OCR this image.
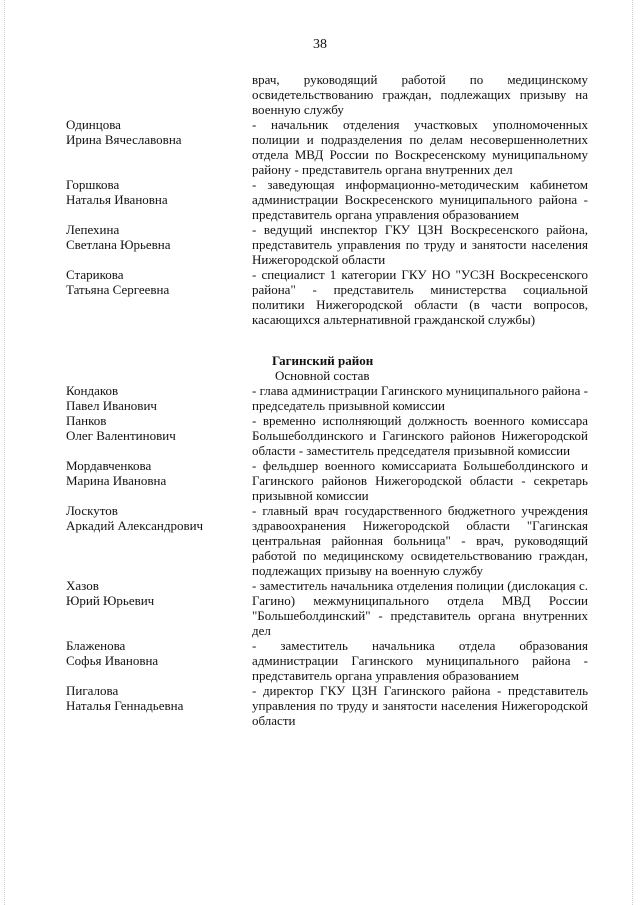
38
врач, руководящий работой по медицинскому освидетельствованию граждан, подлежащих призыву на военную службу
Одинцова
Ирина Вячеславовна
- начальник отделения участковых уполномоченных полиции и подразделения по делам несовершеннолетних отдела МВД России по Воскресенскому муниципальному району - представитель органа внутренних дел
Горшкова
Наталья Ивановна
- заведующая информационно-методическим кабинетом администрации Воскресенского муниципального района - представитель органа управления образованием
Лепехина
Светлана Юрьевна
- ведущий инспектор ГКУ ЦЗН Воскресенского района, представитель управления по труду и занятости населения Нижегородской области
Старикова
Татьяна Сергеевна
- специалист 1 категории ГКУ НО "УСЗН Воскресенского района" - представитель министерства социальной политики Нижегородской области (в части вопросов, касающихся альтернативной гражданской службы)
Гагинский район
Основной состав
Кондаков
Павел Иванович
- глава администрации Гагинского муниципального района - председатель призывной комиссии
Панков
Олег Валентинович
- временно исполняющий должность военного комиссара Большеболдинского и Гагинского районов Нижегородской области - заместитель председателя призывной комиссии
Мордавченкова
Марина Ивановна
- фельдшер военного комиссариата Большеболдинского и Гагинского районов Нижегородской области - секретарь призывной комиссии
Лоскутов
Аркадий Александрович
- главный врач государственного бюджетного учреждения здравоохранения Нижегородской области "Гагинская центральная районная больница" - врач, руководящий работой по медицинскому освидетельствованию граждан, подлежащих призыву на военную службу
Хазов
Юрий Юрьевич
- заместитель начальника отделения полиции (дислокация с. Гагино) межмуниципального отдела МВД России "Большеболдинский" - представитель органа внутренних дел
Блаженова
Софья Ивановна
- заместитель начальника отдела образования администрации Гагинского муниципального района - представитель органа управления образованием
Пигалова
Наталья Геннадьевна
- директор ГКУ ЦЗН Гагинского района - представитель управления по труду и занятости населения Нижегородской области
